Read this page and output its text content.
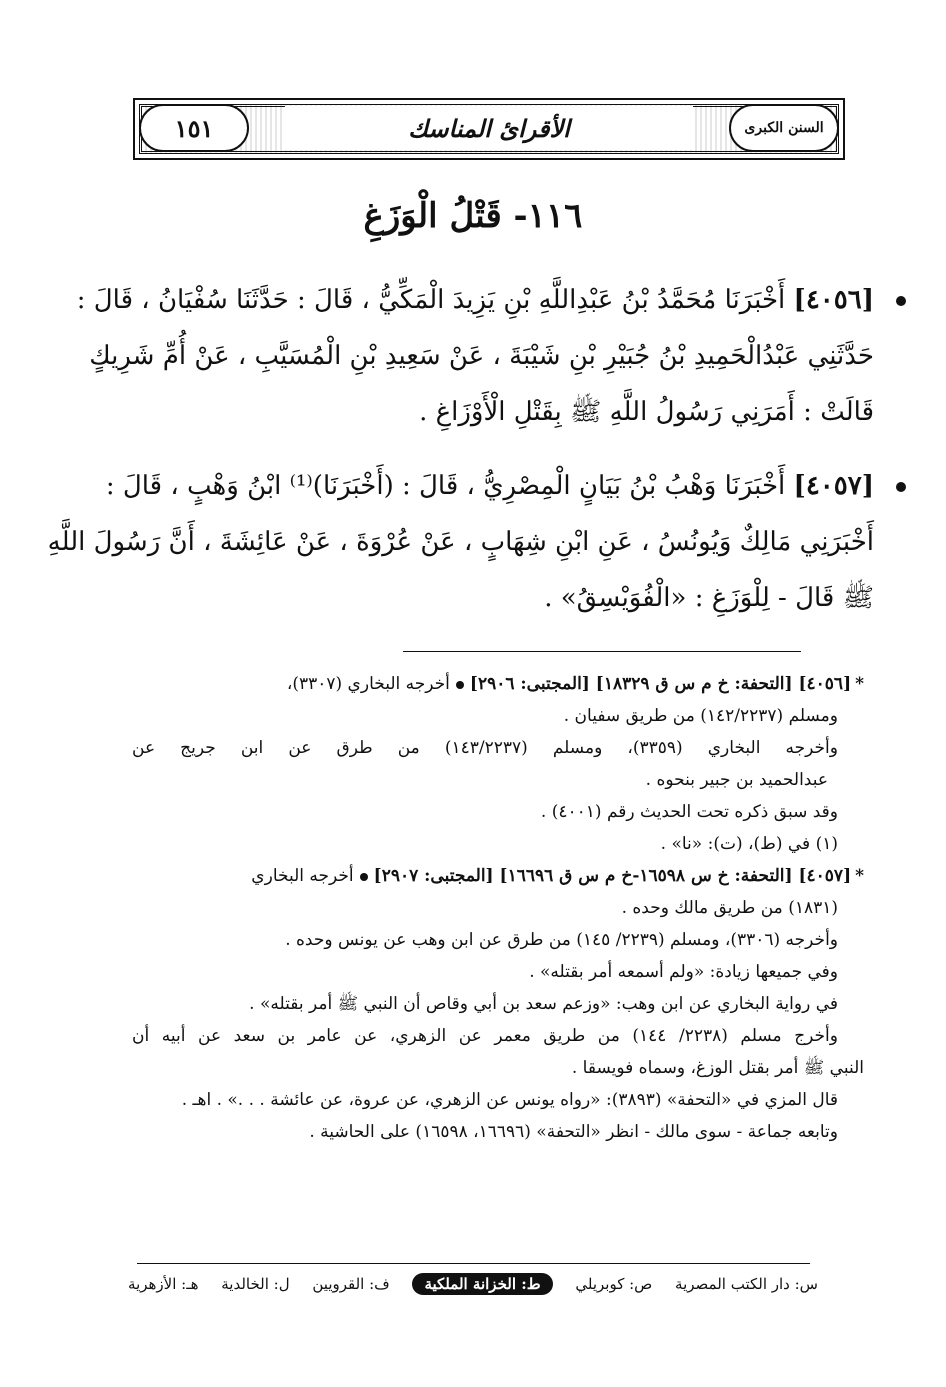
١٥١	الأقرائ المناسك	السنن الكبرى
١١٦- قَتْلُ الْوَزَغِ
[٤٠٥٦] أَخْبَرَنَا مُحَمَّدُ بْنُ عَبْدِاللَّهِ بْنِ يَزِيدَ الْمَكِّيُّ ، قَالَ : حَدَّثَنَا سُفْيَانُ ، قَالَ :
حَدَّثَنِي عَبْدُالْحَمِيدِ بْنُ جُبَيْرِ بْنِ شَيْبَةَ ، عَنْ سَعِيدِ بْنِ الْمُسَيَّبِ ، عَنْ أُمِّ شَرِيكٍ
قَالَتْ : أَمَرَنِي رَسُولُ اللَّهِ ﷺ بِقَتْلِ الْأَوْزَاغِ .
[٤٠٥٧] أَخْبَرَنَا وَهْبُ بْنُ بَيَانٍ الْمِصْرِيُّ ، قَالَ : (أَخْبَرَنَا)⁽¹⁾ ابْنُ وَهْبٍ ، قَالَ :
أَخْبَرَنِي مَالِكٌ وَيُونُسُ ، عَنِ ابْنِ شِهَابٍ ، عَنْ عُرْوَةَ ، عَنْ عَائِشَةَ ، أَنَّ رَسُولَ اللَّهِ
ﷺ قَالَ - لِلْوَزَغِ : «الْفُوَيْسِقُ» .
*[٤٠٥٦] [التحفة: خ م س ق ١٨٣٢٩] [المجتبى: ٢٩٠٦]أخرجه البخاري (٣٣٠٧)،
ومسلم (١٤٢/٢٢٣٧) من طريق سفيان .
وأخرجه البخاري (٣٣٥٩)، ومسلم (١٤٣/٢٢٣٧) من طرق عن ابن جريج عن
عبدالحميد بن جبير بنحوه .
وقد سبق ذكره تحت الحديث رقم (٤٠٠١) .
(١) في (ط)، (ت): «نا» .
*[٤٠٥٧] [التحفة: خ س ١٦٥٩٨-خ م س ق ١٦٦٩٦] [المجتبى: ٢٩٠٧]أخرجه البخاري
(١٨٣١) من طريق مالك وحده .
وأخرجه (٣٣٠٦)، ومسلم (٢٢٣٩/ ١٤٥) من طرق عن ابن وهب عن يونس وحده .
وفي جميعها زيادة: «ولم أسمعه أمر بقتله» .
في رواية البخاري عن ابن وهب: «وزعم سعد بن أبي وقاص أن النبي ﷺ أمر بقتله» .
وأخرج مسلم (٢٢٣٨/ ١٤٤) من طريق معمر عن الزهري، عن عامر بن سعد عن أبيه أن
النبي ﷺ أمر بقتل الوزغ، وسماه فويسقا .
قال المزي في «التحفة» (٣٨٩٣): «رواه يونس عن الزهري، عن عروة، عن عائشة . . .» . اهـ .
وتابعه جماعة - سوى مالك - انظر «التحفة» (١٦٦٩٦، ١٦٥٩٨) على الحاشية .
س: دار الكتب المصرية
ص: كوبريلي
ط: الخزانة الملكية
ف: القرويين
ل: الخالدية
هـ: الأزهرية
